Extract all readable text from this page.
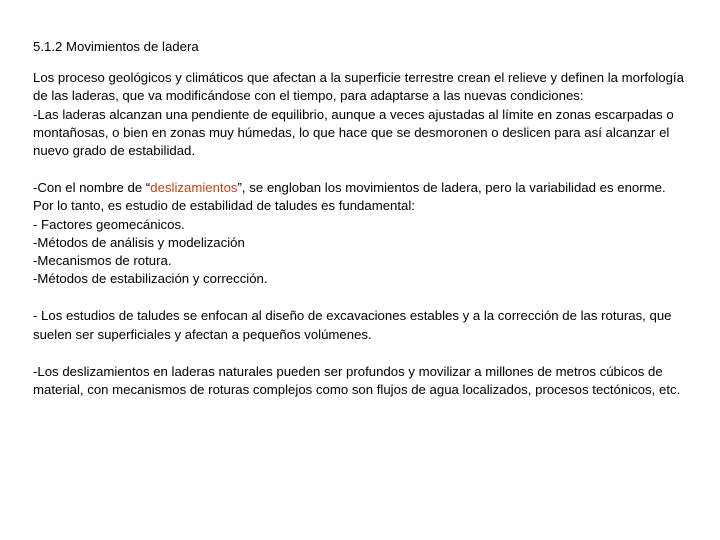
5.1.2 Movimientos de ladera

Los proceso geológicos y climáticos que afectan a la superficie terrestre crean el relieve y definen la morfología de las laderas, que va modificándose con el tiempo, para adaptarse a las nuevas condiciones:

-Las laderas alcanzan una pendiente de equilibrio, aunque a veces ajustadas al límite en zonas escarpadas o montañosas, o bien en zonas muy húmedas, lo que hace que se desmoronen o deslicen para así alcanzar el nuevo grado de estabilidad.

-Con el nombre de “deslizamientos”, se engloban los movimientos de ladera, pero la variabilidad es enorme.

Por lo tanto, es estudio de estabilidad de taludes es fundamental:

- Factores geomecánicos.

-Métodos de análisis y modelización

-Mecanismos de rotura.

-Métodos de estabilización y corrección.

- Los estudios de taludes se enfocan al diseño de excavaciones estables y a la corrección de las roturas, que suelen ser superficiales y afectan a pequeños volúmenes.

-Los deslizamientos en laderas naturales pueden ser profundos y movilizar a millones de metros cúbicos de material, con mecanismos de roturas complejos como son flujos de agua localizados, procesos tectónicos, etc.
